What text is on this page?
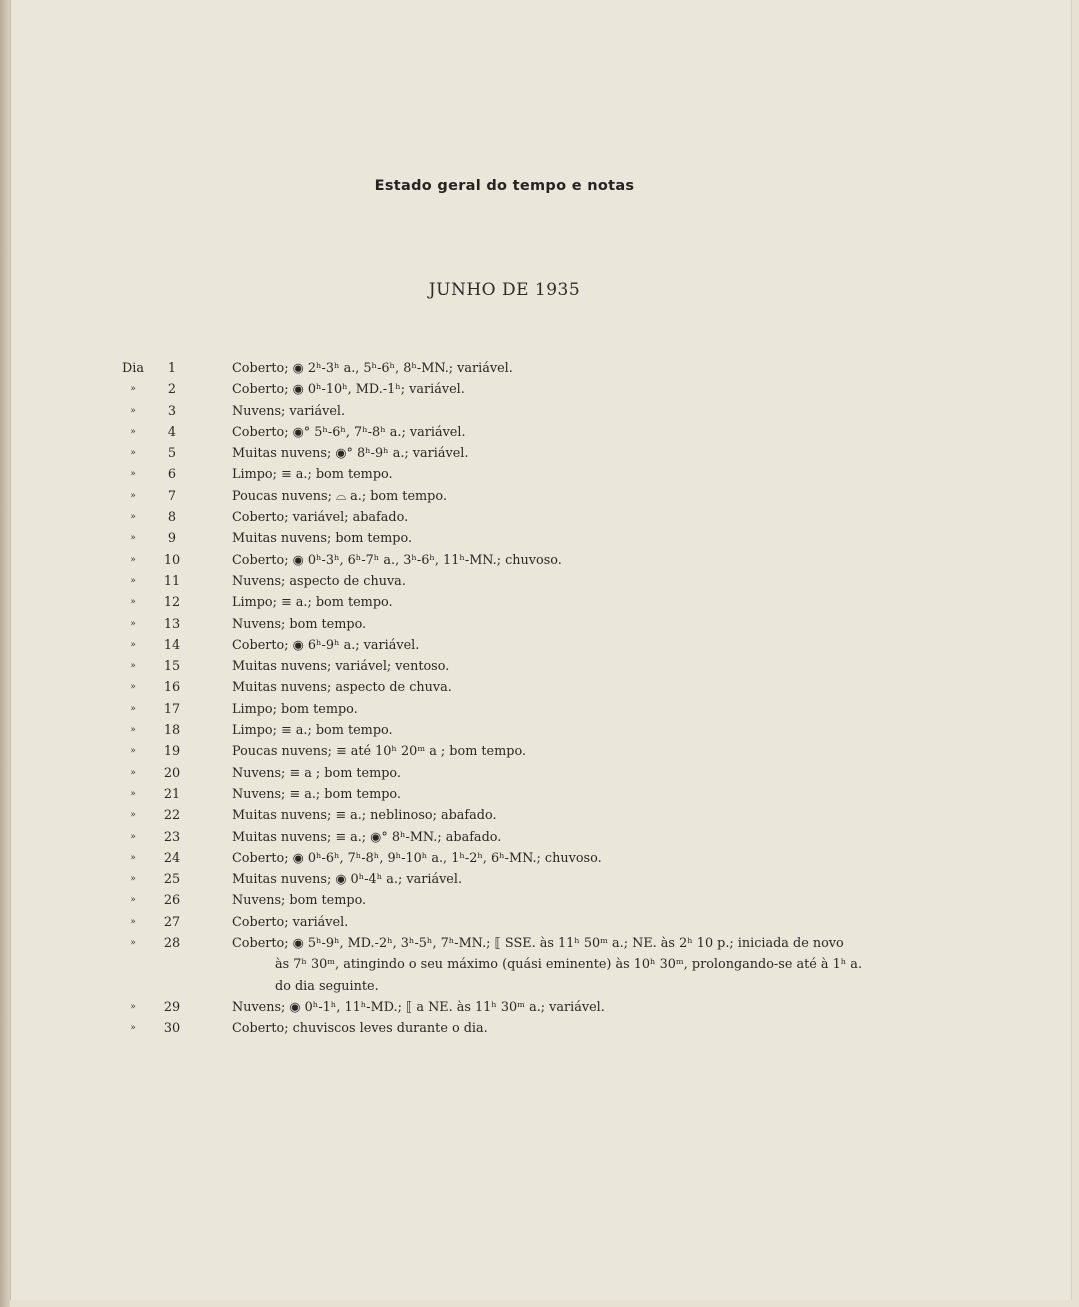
Estado geral do tempo e notas
JUNHO DE 1935
Dia	1	Coberto; ◉ 2ʰ-3ʰ a., 5ʰ-6ʰ, 8ʰ-MN.; variável.
»	2	Coberto; ◉ 0ʰ-10ʰ, MD.-1ʰ; variável.
»	3	Nuvens; variável.
»	4	Coberto; ◉° 5ʰ-6ʰ, 7ʰ-8ʰ a.; variável.
»	5	Muitas nuvens; ◉° 8ʰ-9ʰ a.; variável.
»	6	Limpo; ≡ a.; bom tempo.
»	7	Poucas nuvens; ⌓ a.; bom tempo.
»	8	Coberto; variável; abafado.
»	9	Muitas nuvens; bom tempo.
»	10	Coberto; ◉ 0ʰ-3ʰ, 6ʰ-7ʰ a., 3ʰ-6ʰ, 11ʰ-MN.; chuvoso.
»	11	Nuvens; aspecto de chuva.
»	12	Limpo; ≡ a.; bom tempo.
»	13	Nuvens; bom tempo.
»	14	Coberto; ◉ 6ʰ-9ʰ a.; variável.
»	15	Muitas nuvens; variável; ventoso.
»	16	Muitas nuvens; aspecto de chuva.
»	17	Limpo; bom tempo.
»	18	Limpo; ≡ a.; bom tempo.
»	19	Poucas nuvens; ≡ até 10ʰ 20ᵐ a ; bom tempo.
»	20	Nuvens; ≡ a ; bom tempo.
»	21	Nuvens; ≡ a.; bom tempo.
»	22	Muitas nuvens; ≡ a.; neblinoso; abafado.
»	23	Muitas nuvens; ≡ a.; ◉° 8ʰ-MN.; abafado.
»	24	Coberto; ◉ 0ʰ-6ʰ, 7ʰ-8ʰ, 9ʰ-10ʰ a., 1ʰ-2ʰ, 6ʰ-MN.; chuvoso.
»	25	Muitas nuvens; ◉ 0ʰ-4ʰ a.; variável.
»	26	Nuvens; bom tempo.
»	27	Coberto; variável.
»	28	Coberto; ◉ 5ʰ-9ʰ, MD.-2ʰ, 3ʰ-5ʰ, 7ʰ-MN.; ⟦ SSE. às 11ʰ 50ᵐ a.; NE. às 2ʰ 10 p.; iniciada de novo
às 7ʰ 30ᵐ, atingindo o seu máximo (quási eminente) às 10ʰ 30ᵐ, prolongando-se até à 1ʰ a.
do dia seguinte.
»	29	Nuvens; ◉ 0ʰ-1ʰ, 11ʰ-MD.; ⟦ a NE. às 11ʰ 30ᵐ a.; variável.
»	30	Coberto; chuviscos leves durante o dia.
